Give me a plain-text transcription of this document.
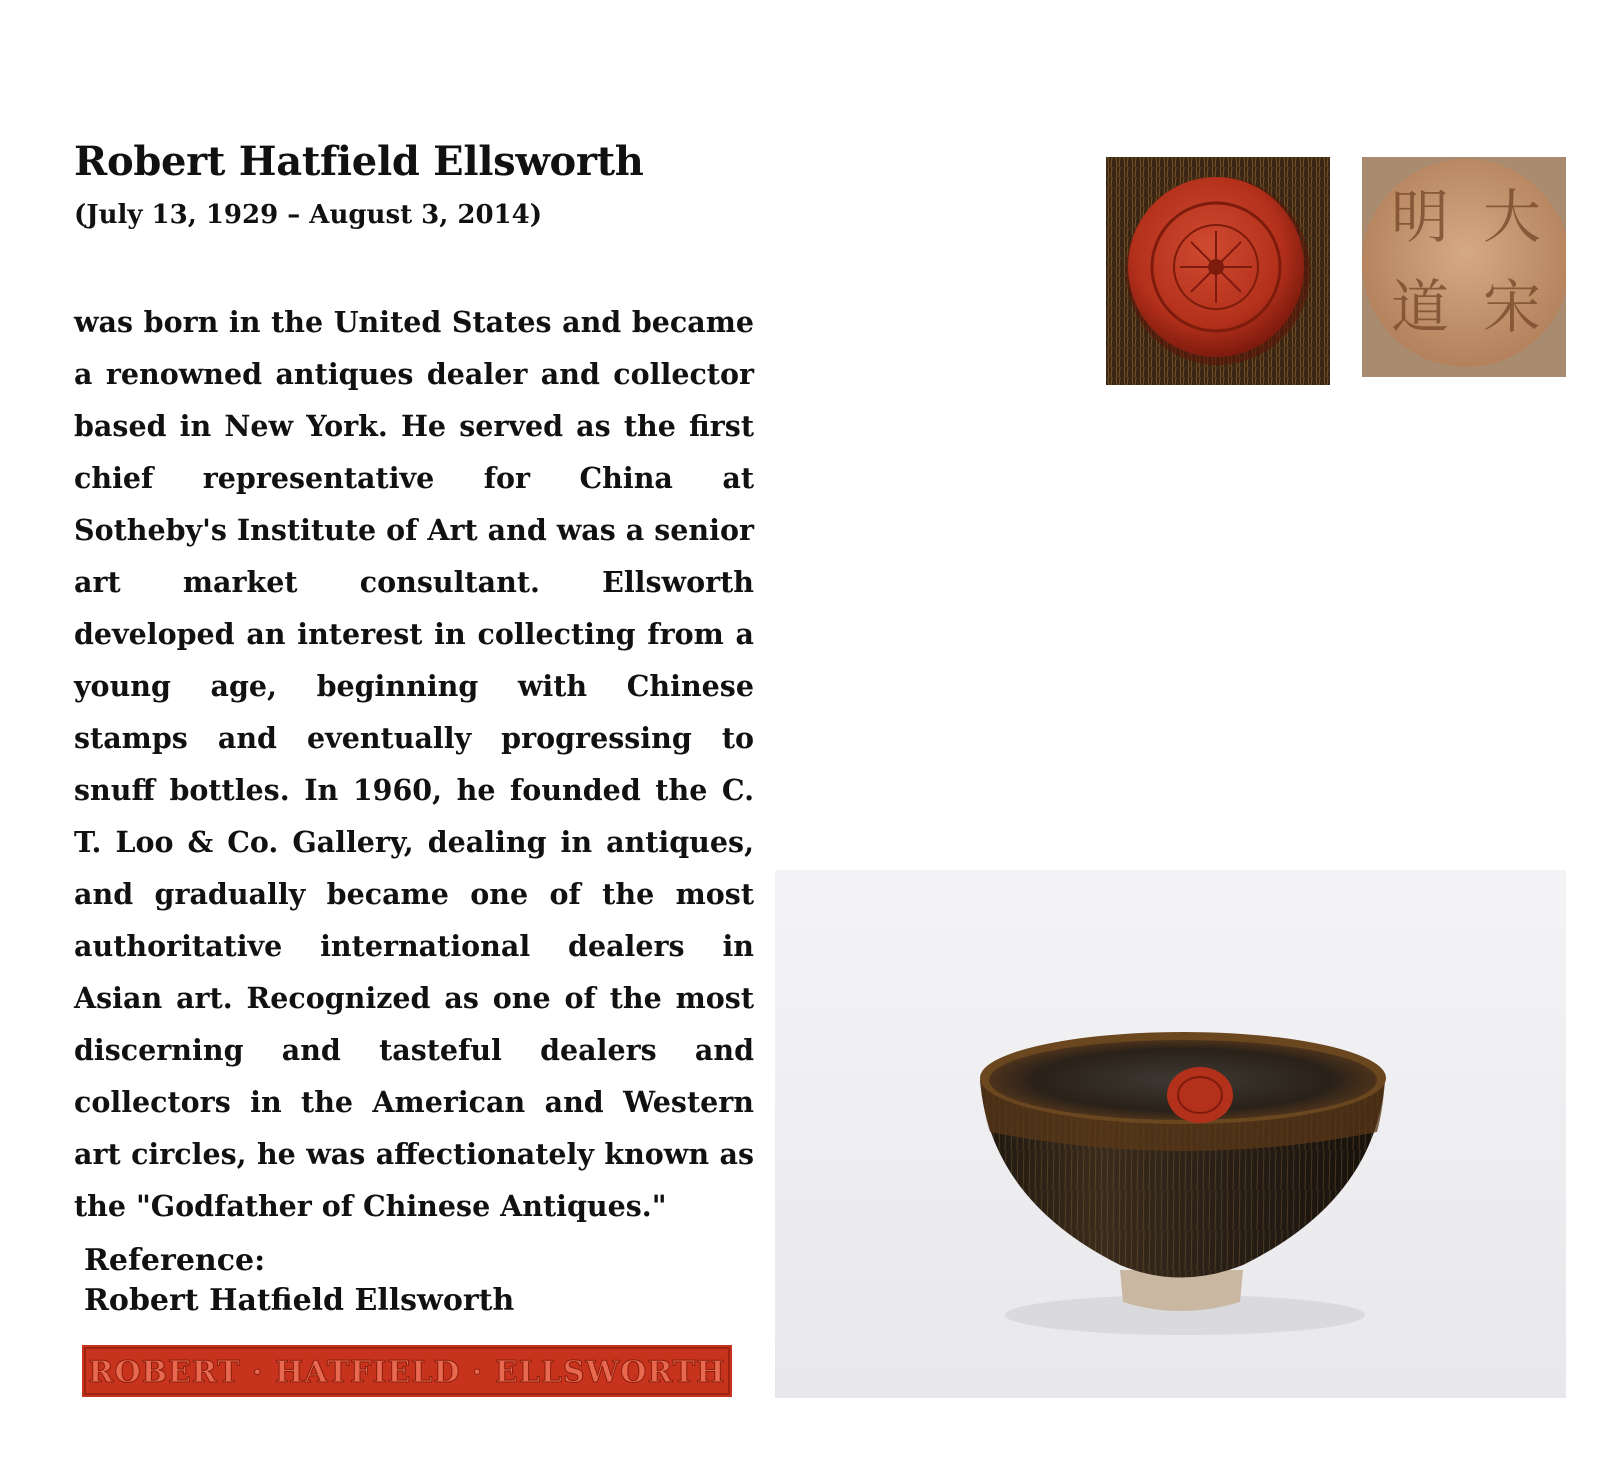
Robert Hatfield Ellsworth
(July 13, 1929 – August 3, 2014)

was born in the United States and became a renowned antiques dealer and collector based in New York. He served as the first chief representative for China at Sotheby's Institute of Art and was a senior art market consultant. Ellsworth developed an interest in collecting from a young age, beginning with Chinese stamps and eventually progressing to snuff bottles. In 1960, he founded the C. T. Loo & Co. Gallery, dealing in antiques, and gradually became one of the most authoritative international dealers in Asian art. Recognized as one of the most discerning and tasteful dealers and collectors in the American and Western art circles, he was affectionately known as the "Godfather of Chinese Antiques."

Reference:
Robert Hatfield Ellsworth
ROBERT · HATFIELD · ELLSWORTH
大
宋
明
道
